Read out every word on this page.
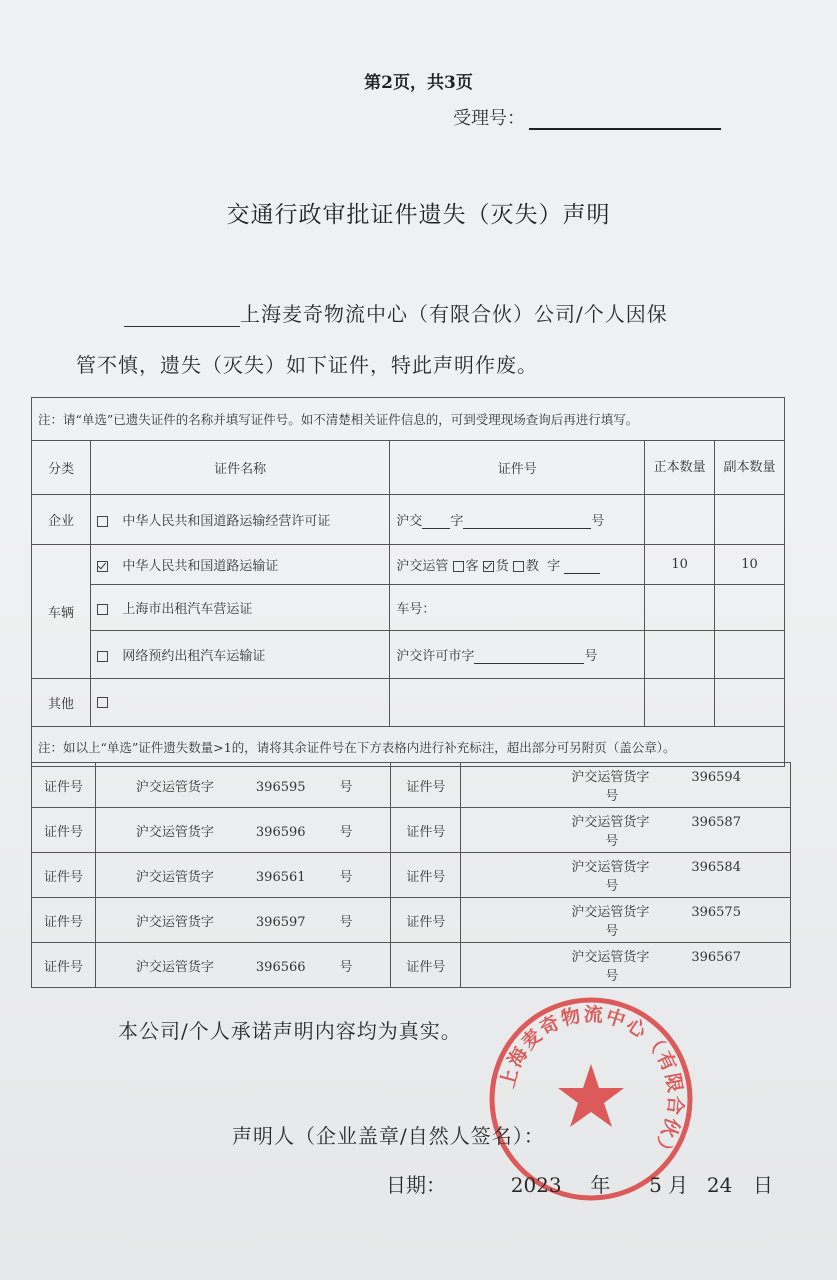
第2页，共3页
受理号：
交通行政审批证件遗失（灭失）声明
上海麦奇物流中心（有限合伙）公司/个人因保
管不慎，遗失（灭失）如下证件，特此声明作废。
注：请“单选”已遗失证件的名称并填写证件号。如不清楚相关证件信息的，可到受理现场查询后再进行填写。				
分类	证件名称	证件号	正本数量	副本数量
企业	中华人民共和国道路运输经营许可证	沪交 字 号		
车辆	中华人民共和国道路运输证	沪交运管 客 货 教 字	10	10
	上海市出租汽车营运证	车号：		
	网络预约出租汽车运输证	沪交许可市字 号		
其他				
注：如以上“单选”证件遗失数量>1的，请将其余证件号在下方表格内进行补充标注，超出部分可另附页（盖公章）。				
证件号	沪交运管货字 396595 号	证件号	沪交运管货字 396594号
证件号	沪交运管货字 396596 号	证件号	沪交运管货字 396587号
证件号	沪交运管货字 396561 号	证件号	沪交运管货字 396584号
证件号	沪交运管货字 396597 号	证件号	沪交运管货字 396575号
证件号	沪交运管货字 396566 号	证件号	沪交运管货字 396567号
本公司/个人承诺声明内容均为真实。
上海麦奇物流中心（有限合伙）
声明人（企业盖章/自然人签名）：
日期：	2023 年 5 月 24 日
